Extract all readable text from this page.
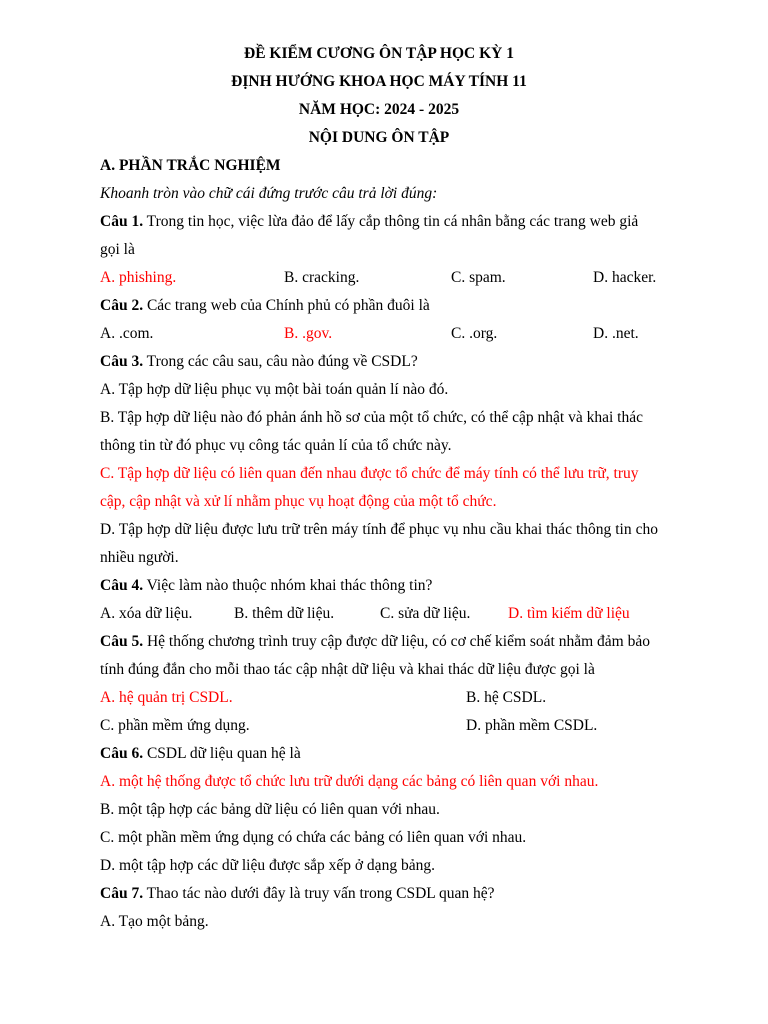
ĐỀ KIỂM CƯƠNG ÔN TẬP HỌC KỲ 1
ĐỊNH HƯỚNG KHOA HỌC MÁY TÍNH 11
NĂM HỌC: 2024 - 2025
NỘI DUNG ÔN TẬP
A. PHẦN TRẮC NGHIỆM
Khoanh tròn vào chữ cái đứng trước câu trả lời đúng:
Câu 1. Trong tin học, việc lừa đảo để lấy cắp thông tin cá nhân bằng các trang web giả gọi là
A. phishing.	B. cracking.	C. spam.	D. hacker.
Câu 2. Các trang web của Chính phủ có phần đuôi là
A. .com.	B. .gov.	C. .org.	D. .net.
Câu 3. Trong các câu sau, câu nào đúng về CSDL?
A. Tập hợp dữ liệu phục vụ một bài toán quản lí nào đó.
B. Tập hợp dữ liệu nào đó phản ánh hồ sơ của một tổ chức, có thể cập nhật và khai thác thông tin từ đó phục vụ công tác quản lí của tổ chức này.
C. Tập hợp dữ liệu có liên quan đến nhau được tổ chức để máy tính có thể lưu trữ, truy cập, cập nhật và xử lí nhằm phục vụ hoạt động của một tổ chức.
D. Tập hợp dữ liệu được lưu trữ trên máy tính để phục vụ nhu cầu khai thác thông tin cho nhiều người.
Câu 4. Việc làm nào thuộc nhóm khai thác thông tin?
A. xóa dữ liệu.	B. thêm dữ liệu.	C. sửa dữ liệu.	D. tìm kiếm dữ liệu
Câu 5. Hệ thống chương trình truy cập được dữ liệu, có cơ chế kiểm soát nhằm đảm bảo tính đúng đắn cho mỗi thao tác cập nhật dữ liệu và khai thác dữ liệu được gọi là
A. hệ quản trị CSDL.	B. hệ CSDL.
C. phần mềm ứng dụng.	D. phần mềm CSDL.
Câu 6. CSDL dữ liệu quan hệ là
A. một hệ thống được tổ chức lưu trữ dưới dạng các bảng có liên quan với nhau.
B. một tập hợp các bảng dữ liệu có liên quan với nhau.
C. một phần mềm ứng dụng có chứa các bảng có liên quan với nhau.
D. một tập hợp các dữ liệu được sắp xếp ở dạng bảng.
Câu 7. Thao tác nào dưới đây là truy vấn trong CSDL quan hệ?
A. Tạo một bảng.
